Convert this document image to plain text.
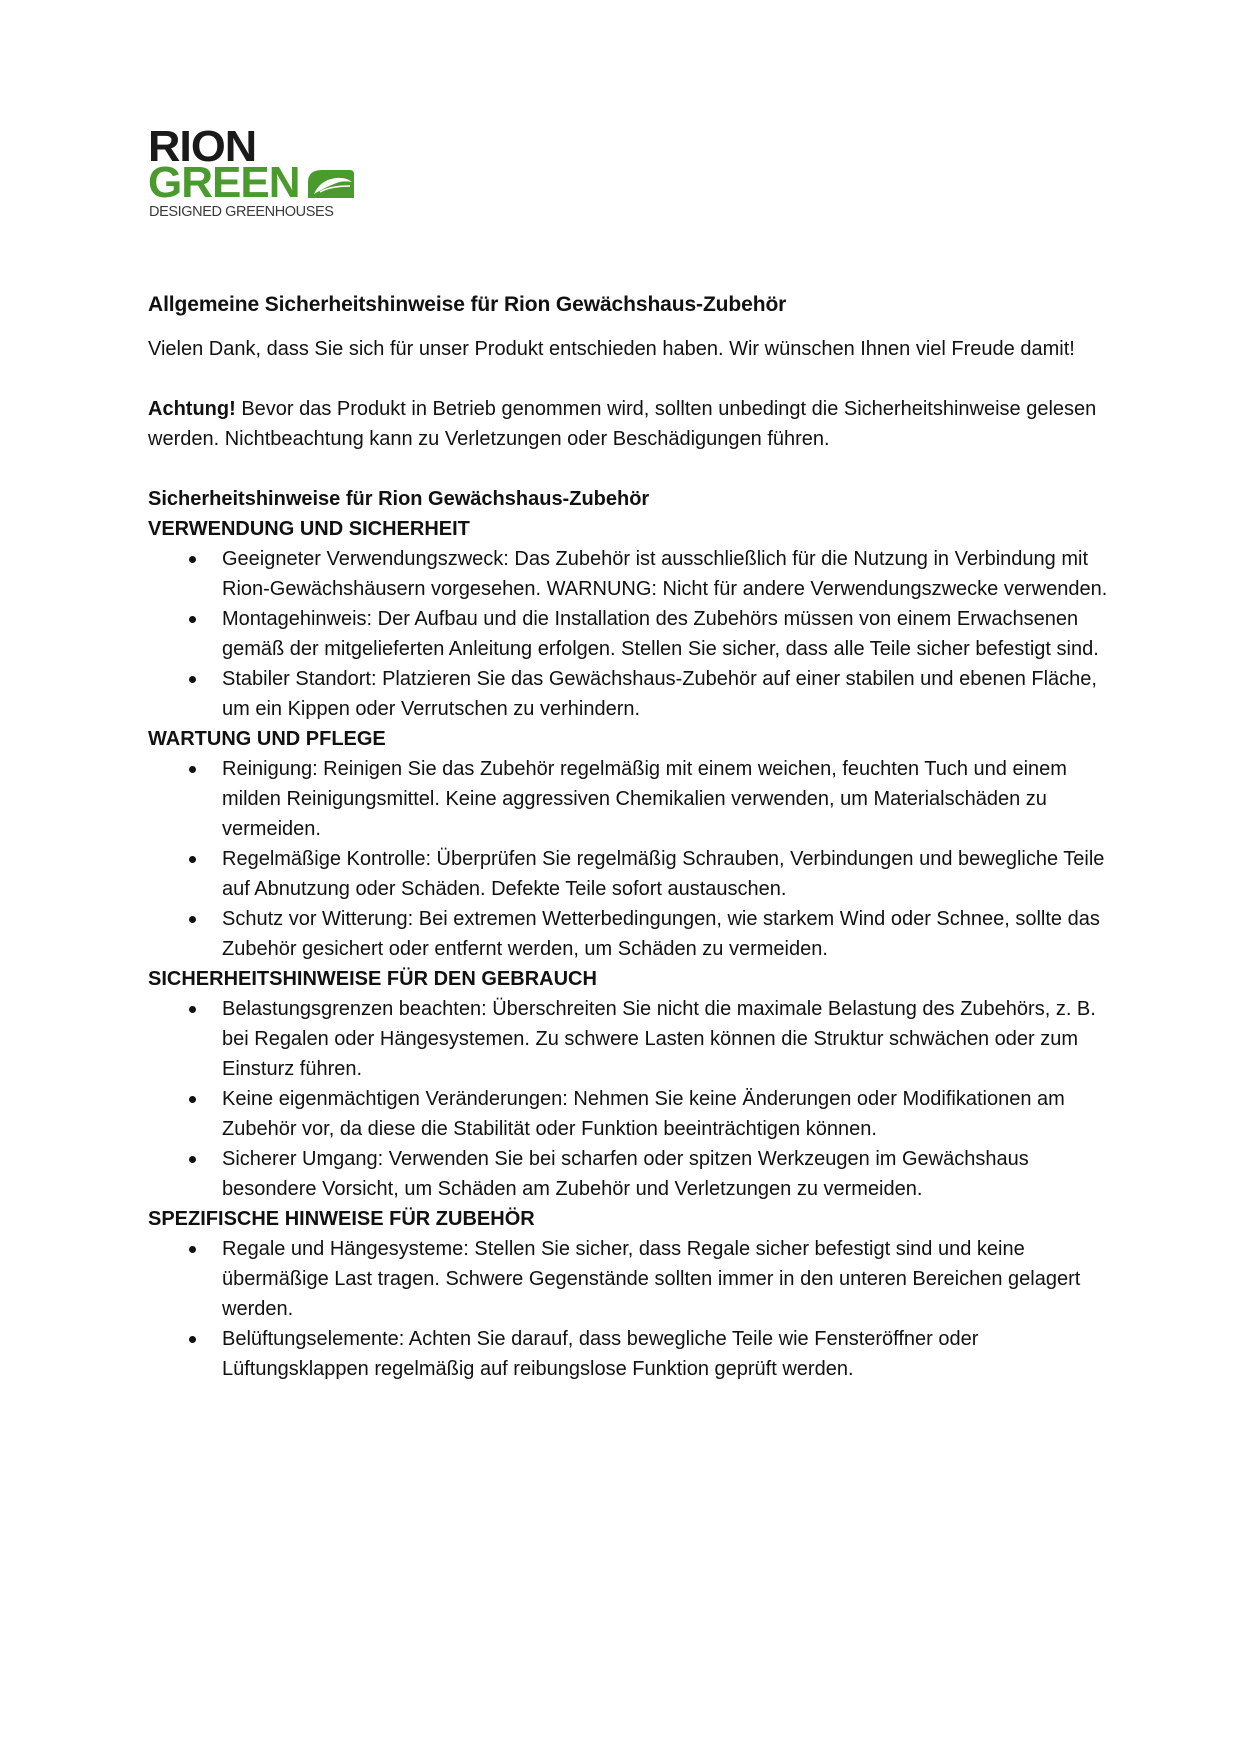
RION
GREEN
DESIGNED GREENHOUSES
Allgemeine Sicherheitshinweise für Rion Gewächshaus-Zubehör

Vielen Dank, dass Sie sich für unser Produkt entschieden haben. Wir wünschen Ihnen viel Freude damit!

Achtung! Bevor das Produkt in Betrieb genommen wird, sollten unbedingt die Sicherheitshinweise gelesen werden. Nichtbeachtung kann zu Verletzungen oder Beschädigungen führen.

Sicherheitshinweise für Rion Gewächshaus-Zubehör

VERWENDUNG UND SICHERHEIT
Geeigneter Verwendungszweck: Das Zubehör ist ausschließlich für die Nutzung in Verbindung mit Rion-Gewächshäusern vorgesehen. WARNUNG: Nicht für andere Verwendungszwecke verwenden.
Montagehinweis: Der Aufbau und die Installation des Zubehörs müssen von einem Erwachsenen gemäß der mitgelieferten Anleitung erfolgen. Stellen Sie sicher, dass alle Teile sicher befestigt sind.
Stabiler Standort: Platzieren Sie das Gewächshaus-Zubehör auf einer stabilen und ebenen Fläche, um ein Kippen oder Verrutschen zu verhindern.
WARTUNG UND PFLEGE
Reinigung: Reinigen Sie das Zubehör regelmäßig mit einem weichen, feuchten Tuch und einem milden Reinigungsmittel. Keine aggressiven Chemikalien verwenden, um Materialschäden zu vermeiden.
Regelmäßige Kontrolle: Überprüfen Sie regelmäßig Schrauben, Verbindungen und bewegliche Teile auf Abnutzung oder Schäden. Defekte Teile sofort austauschen.
Schutz vor Witterung: Bei extremen Wetterbedingungen, wie starkem Wind oder Schnee, sollte das Zubehör gesichert oder entfernt werden, um Schäden zu vermeiden.
SICHERHEITSHINWEISE FÜR DEN GEBRAUCH
Belastungsgrenzen beachten: Überschreiten Sie nicht die maximale Belastung des Zubehörs, z. B. bei Regalen oder Hängesystemen. Zu schwere Lasten können die Struktur schwächen oder zum Einsturz führen.
Keine eigenmächtigen Veränderungen: Nehmen Sie keine Änderungen oder Modifikationen am Zubehör vor, da diese die Stabilität oder Funktion beeinträchtigen können.
Sicherer Umgang: Verwenden Sie bei scharfen oder spitzen Werkzeugen im Gewächshaus besondere Vorsicht, um Schäden am Zubehör und Verletzungen zu vermeiden.
SPEZIFISCHE HINWEISE FÜR ZUBEHÖR
Regale und Hängesysteme: Stellen Sie sicher, dass Regale sicher befestigt sind und keine übermäßige Last tragen. Schwere Gegenstände sollten immer in den unteren Bereichen gelagert werden.
Belüftungselemente: Achten Sie darauf, dass bewegliche Teile wie Fensteröffner oder Lüftungsklappen regelmäßig auf reibungslose Funktion geprüft werden.
